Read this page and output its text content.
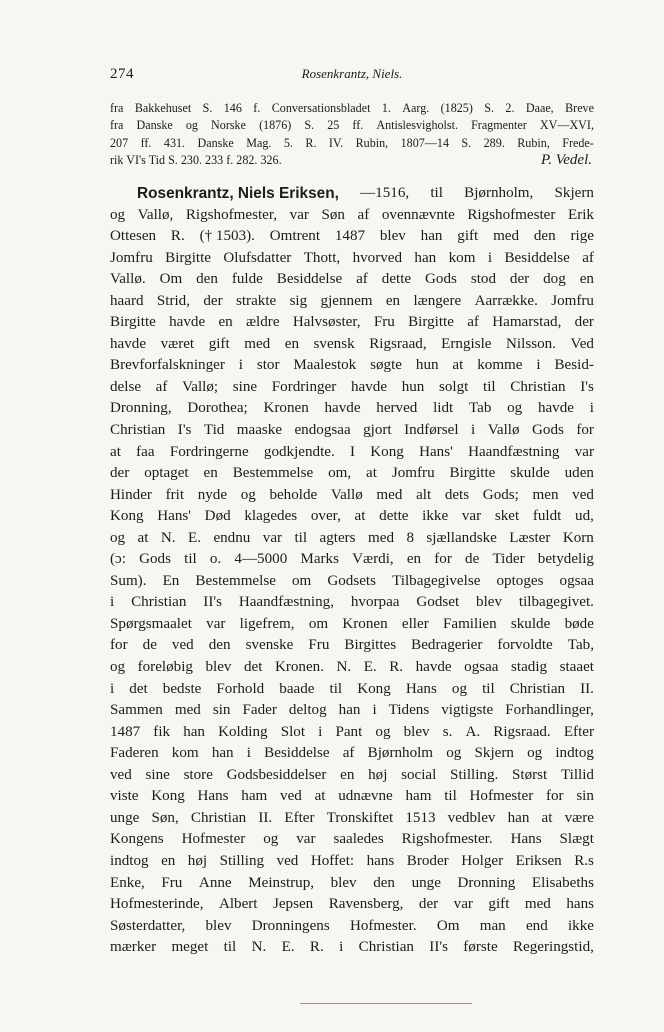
274	Rosenkrantz, Niels.
fra Bakkehuset S. 146 f. Conversationsbladet 1. Aarg. (1825) S. 2. Daae, Breve
fra Danske og Norske (1876) S. 25 ff. Antislesvigholst. Fragmenter XV—XVI,
207 ff. 431. Danske Mag. 5. R. IV. Rubin, 1807—14 S. 289. Rubin, Frede-
rik VI's Tid S. 230. 233 f. 282. 326.	P. Vedel.
Rosenkrantz, Niels Eriksen, —1516, til Bjørnholm, Skjern
og Vallø, Rigshofmester, var Søn af ovennævnte Rigshofmester Erik
Ottesen R. († 1503). Omtrent 1487 blev han gift med den rige
Jomfru Birgitte Olufsdatter Thott, hvorved han kom i Besiddelse af
Vallø. Om den fulde Besiddelse af dette Gods stod der dog en
haard Strid, der strakte sig gjennem en længere Aarrække. Jomfru
Birgitte havde en ældre Halvsøster, Fru Birgitte af Hamarstad, der
havde været gift med en svensk Rigsraad, Erngisle Nilsson. Ved
Brevforfalskninger i stor Maalestok søgte hun at komme i Besid-
delse af Vallø; sine Fordringer havde hun solgt til Christian I's
Dronning, Dorothea; Kronen havde herved lidt Tab og havde i
Christian I's Tid maaske endogsaa gjort Indførsel i Vallø Gods for
at faa Fordringerne godkjendte. I Kong Hans' Haandfæstning var
der optaget en Bestemmelse om, at Jomfru Birgitte skulde uden
Hinder frit nyde og beholde Vallø med alt dets Gods; men ved
Kong Hans' Død klagedes over, at dette ikke var sket fuldt ud,
og at N. E. endnu var til agters med 8 sjællandske Læster Korn
(ɔ: Gods til o. 4—5000 Marks Værdi, en for de Tider betydelig
Sum). En Bestemmelse om Godsets Tilbagegivelse optoges ogsaa
i Christian II's Haandfæstning, hvorpaa Godset blev tilbagegivet.
Spørgsmaalet var ligefrem, om Kronen eller Familien skulde bøde
for de ved den svenske Fru Birgittes Bedragerier forvoldte Tab,
og foreløbig blev det Kronen. N. E. R. havde ogsaa stadig staaet
i det bedste Forhold baade til Kong Hans og til Christian II.
Sammen med sin Fader deltog han i Tidens vigtigste Forhandlinger,
1487 fik han Kolding Slot i Pant og blev s. A. Rigsraad. Efter
Faderen kom han i Besiddelse af Bjørnholm og Skjern og indtog
ved sine store Godsbesiddelser en høj social Stilling. Størst Tillid
viste Kong Hans ham ved at udnævne ham til Hofmester for sin
unge Søn, Christian II. Efter Tronskiftet 1513 vedblev han at være
Kongens Hofmester og var saaledes Rigshofmester. Hans Slægt
indtog en høj Stilling ved Hoffet: hans Broder Holger Eriksen R.s
Enke, Fru Anne Meinstrup, blev den unge Dronning Elisabeths
Hofmesterinde, Albert Jepsen Ravensberg, der var gift med hans
Søsterdatter, blev Dronningens Hofmester. Om man end ikke
mærker meget til N. E. R. i Christian II's første Regeringstid,
